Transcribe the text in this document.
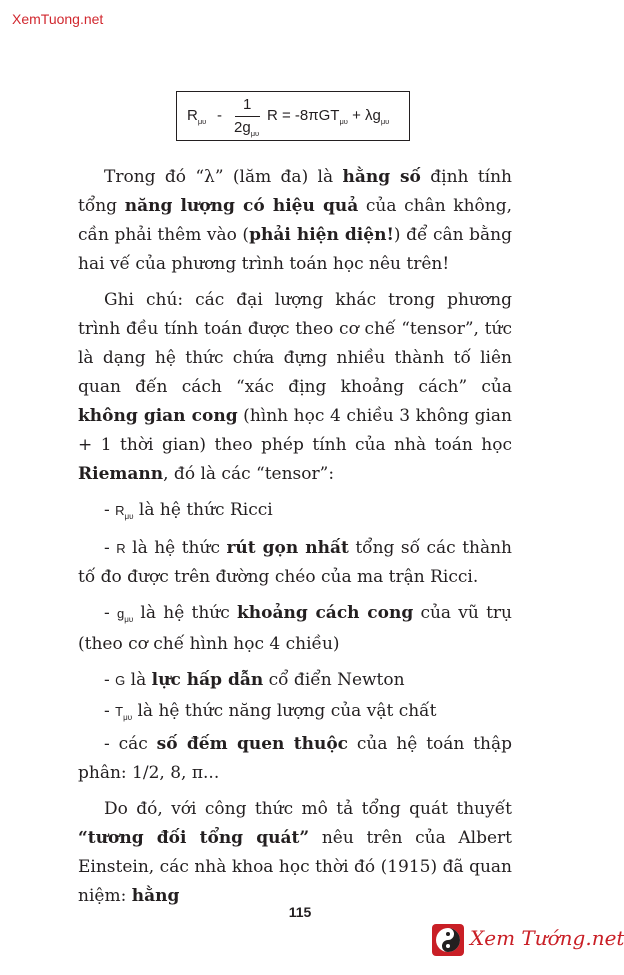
XemTuong.net
$R_{\mu\upsilon}$ -
1
$2g_{\mu\upsilon}$
$R = -8\pi GT_{\mu\upsilon} + \lambda g_{\mu\upsilon}$

Trong đó “λ” (lăm đa) là hằng số định tính tổng năng lượng có hiệu quả của chân không, cần phải thêm vào (phải hiện diện!) để cân bằng hai vế của phương trình toán học nêu trên!

Ghi chú: các đại lượng khác trong phương trình đều tính toán được theo cơ chế “tensor”, tức là dạng hệ thức chứa đựng nhiều thành tố liên quan đến cách “xác địng khoảng cách” của không gian cong (hình học 4 chiều 3 không gian + 1 thời gian) theo phép tính của nhà toán học Riemann, đó là các “tensor”:

- $R_{\mu\upsilon}$ là hệ thức Ricci

- R là hệ thức rút gọn nhất tổng số các thành tố đo được trên đường chéo của ma trận Ricci.

- $g_{\mu\upsilon}$ là hệ thức khoảng cách cong của vũ trụ (theo cơ chế hình học 4 chiều)

- G là lực hấp dẫn cổ điển Newton

- $T_{\mu\upsilon}$ là hệ thức năng lượng của vật chất

- các số đếm quen thuộc của hệ toán thập phân: 1/2, 8, π...

Do đó, với công thức mô tả tổng quát thuyết “tương đối tổng quát” nêu trên của Albert Einstein, các nhà khoa học thời đó (1915) đã quan niệm: hằng

115
Xem Tướng.net
